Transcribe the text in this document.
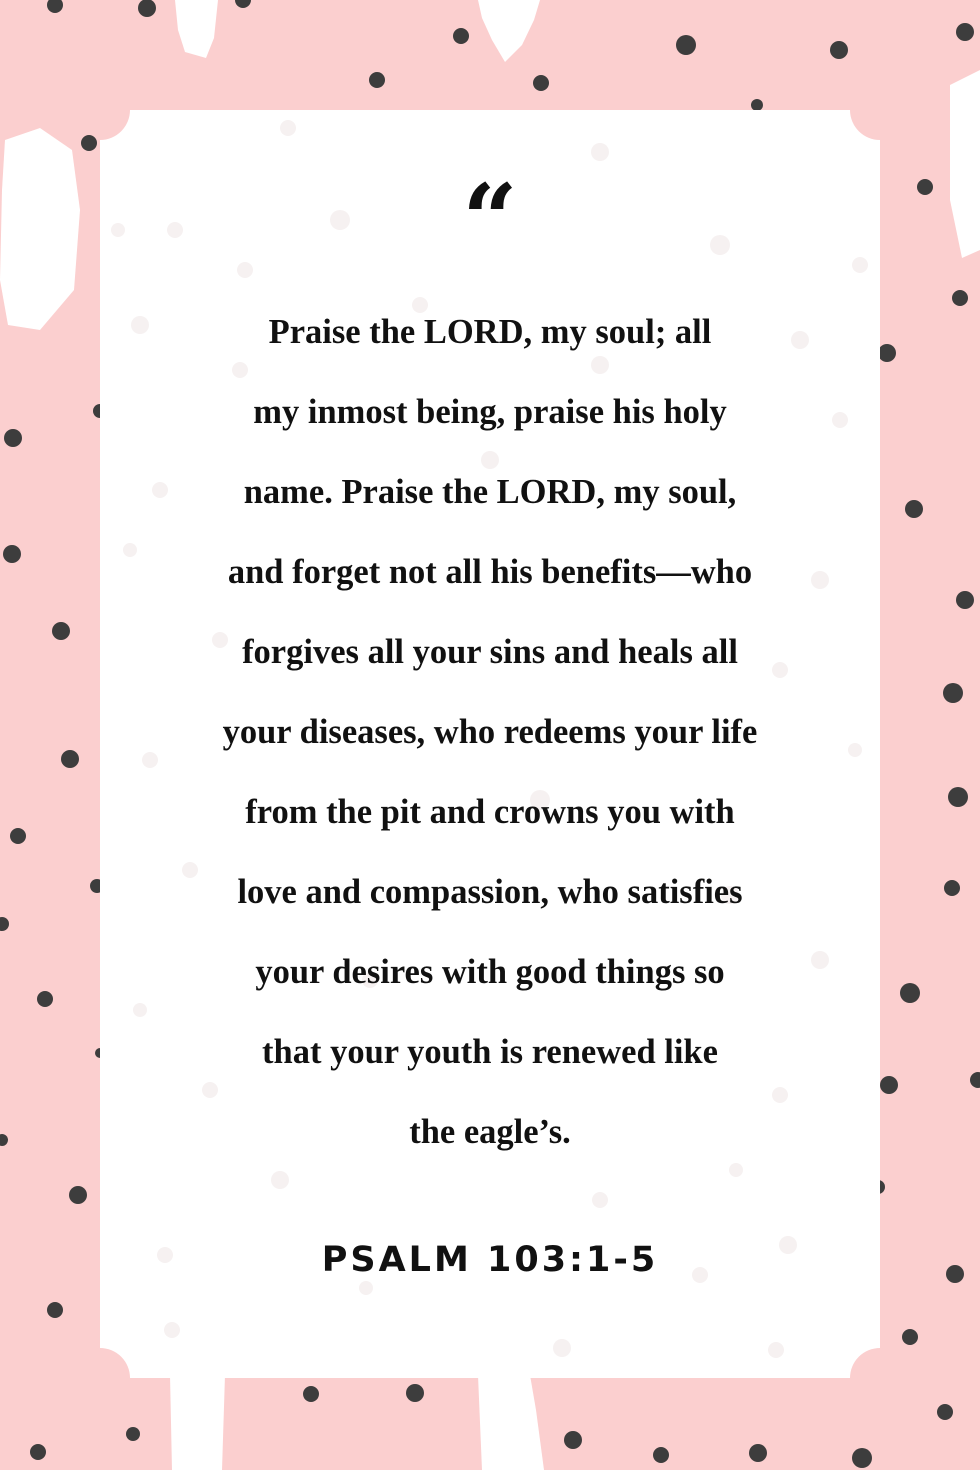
“

Praise the LORD, my soul; all
my inmost being, praise his holy
name. Praise the LORD, my soul,
and forget not all his benefits—who
forgives all your sins and heals all
your diseases, who redeems your life
from the pit and crowns you with
love and compassion, who satisfies
your desires with good things so
that your youth is renewed like
the eagle’s.

PSALM 103:1-5
